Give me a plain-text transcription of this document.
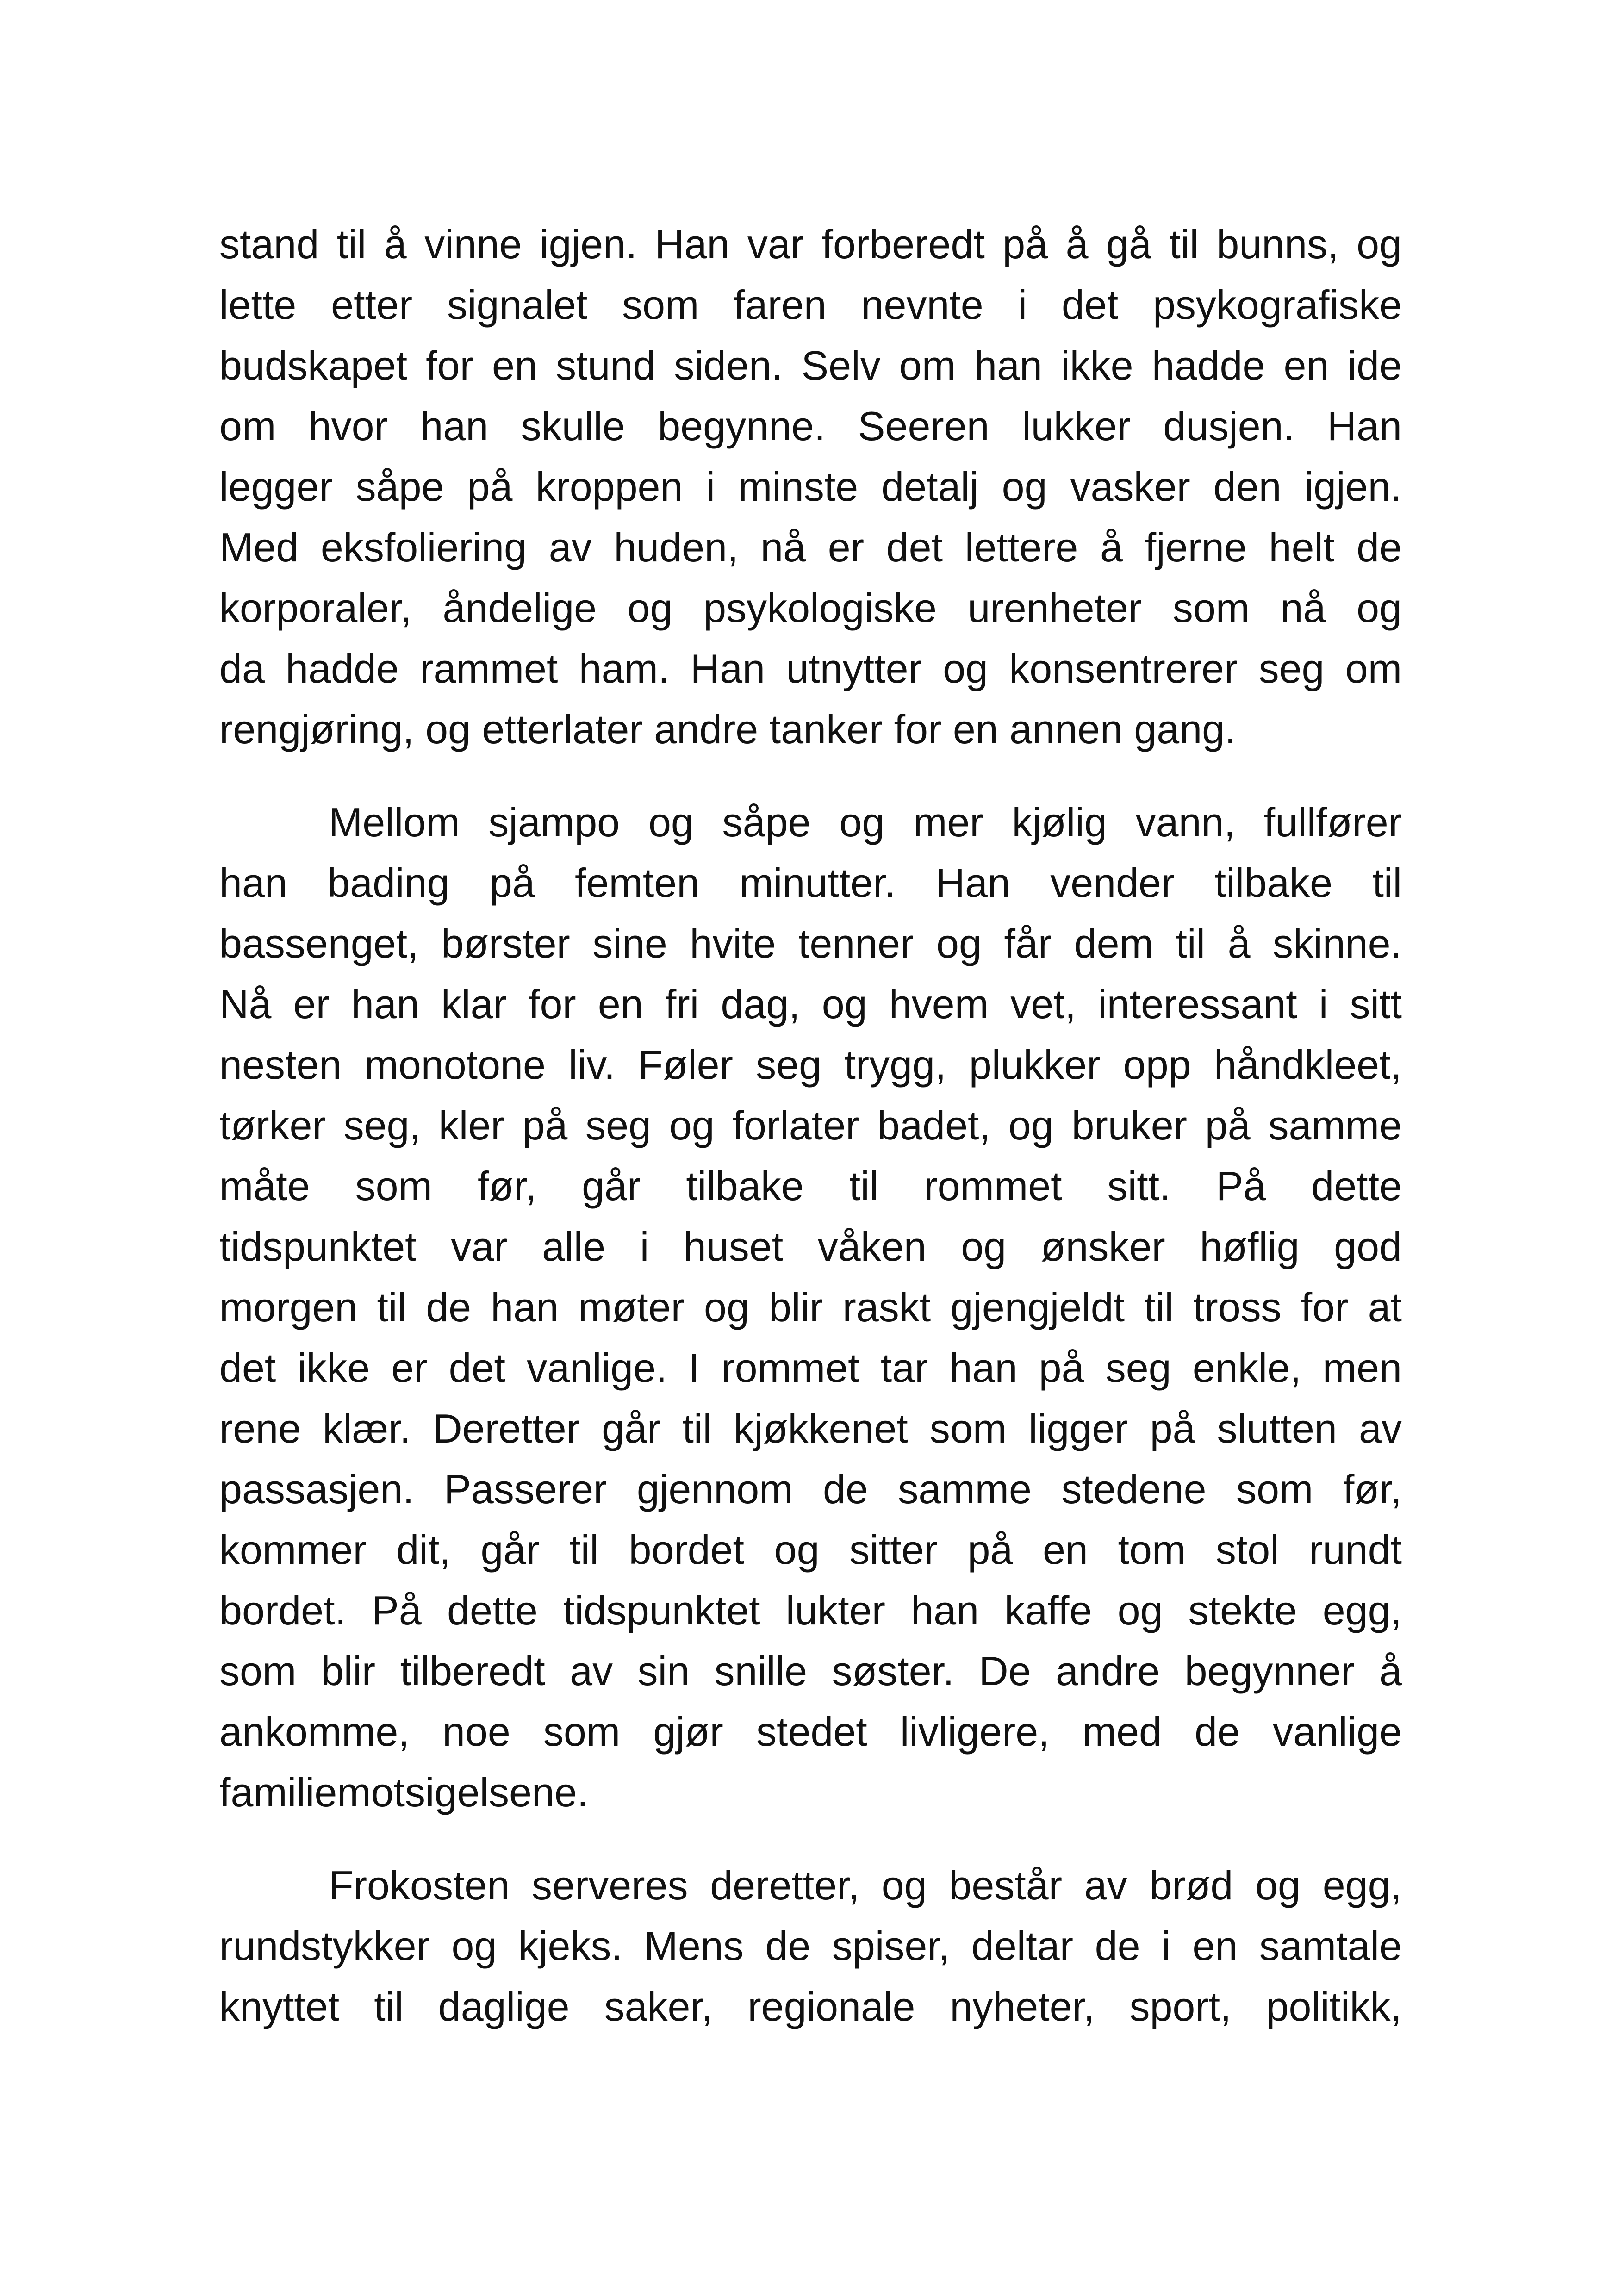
stand til å vinne igjen. Han var forberedt på å gå til bunns, og
lette etter signalet som faren nevnte i det psykografiske
budskapet for en stund siden. Selv om han ikke hadde en ide
om hvor han skulle begynne. Seeren lukker dusjen. Han
legger såpe på kroppen i minste detalj og vasker den igjen.
Med eksfoliering av huden, nå er det lettere å fjerne helt de
korporaler, åndelige og psykologiske urenheter som nå og
da hadde rammet ham. Han utnytter og konsentrerer seg om
rengjøring, og etterlater andre tanker for en annen gang.

Mellom sjampo og såpe og mer kjølig vann, fullfører
han bading på femten minutter. Han vender tilbake til
bassenget, børster sine hvite tenner og får dem til å skinne.
Nå er han klar for en fri dag, og hvem vet, interessant i sitt
nesten monotone liv. Føler seg trygg, plukker opp håndkleet,
tørker seg, kler på seg og forlater badet, og bruker på samme
måte som før, går tilbake til rommet sitt. På dette
tidspunktet var alle i huset våken og ønsker høflig god
morgen til de han møter og blir raskt gjengjeldt til tross for at
det ikke er det vanlige. I rommet tar han på seg enkle, men
rene klær. Deretter går til kjøkkenet som ligger på slutten av
passasjen. Passerer gjennom de samme stedene som før,
kommer dit, går til bordet og sitter på en tom stol rundt
bordet. På dette tidspunktet lukter han kaffe og stekte egg,
som blir tilberedt av sin snille søster. De andre begynner å
ankomme, noe som gjør stedet livligere, med de vanlige
familiemotsigelsene.

Frokosten serveres deretter, og består av brød og egg,
rundstykker og kjeks. Mens de spiser, deltar de i en samtale
knyttet til daglige saker, regionale nyheter, sport, politikk,
